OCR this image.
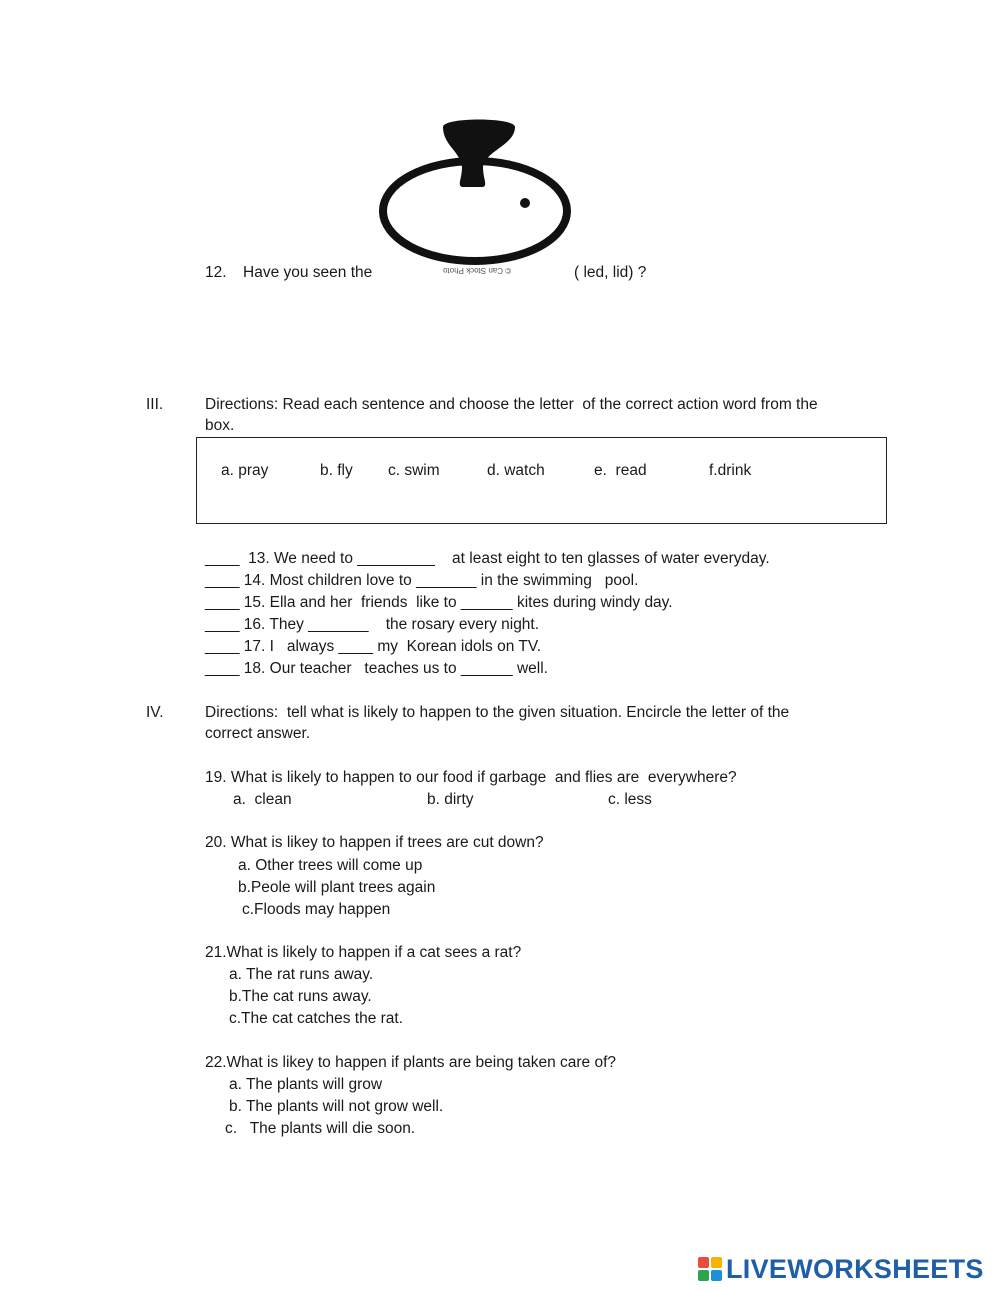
© Can Stock Photo
12. Have you seen the	( led, lid) ?
III.	Directions: Read each sentence and choose the letter  of the correct action word from the
box.
a. pray	b. fly c. swim	d. watch	e.  read	f.drink
____  13. We need to _________    at least eight to ten glasses of water everyday.
____ 14. Most children love to _______ in the swimming   pool.
____ 15. Ella and her  friends  like to ______ kites during windy day.
____ 16. They _______    the rosary every night.
____ 17. I   always ____ my  Korean idols on TV.
____ 18. Our teacher   teaches us to ______ well.
IV.	Directions:  tell what is likely to happen to the given situation. Encircle the letter of the
correct answer.
19. What is likely to happen to our food if garbage  and flies are  everywhere?
a.  clean	b. dirty	c. less
20. What is likey to happen if trees are cut down?
a. Other trees will come up
b.Peole will plant trees again
c.Floods may happen
21.What is likely to happen if a cat sees a rat?
a. The rat runs away.
b.The cat runs away.
c.The cat catches the rat.
22.What is likey to happen if plants are being taken care of?
a. The plants will grow
b. The plants will not grow well.
c.   The plants will die soon.
LIVEWORKSHEETS
